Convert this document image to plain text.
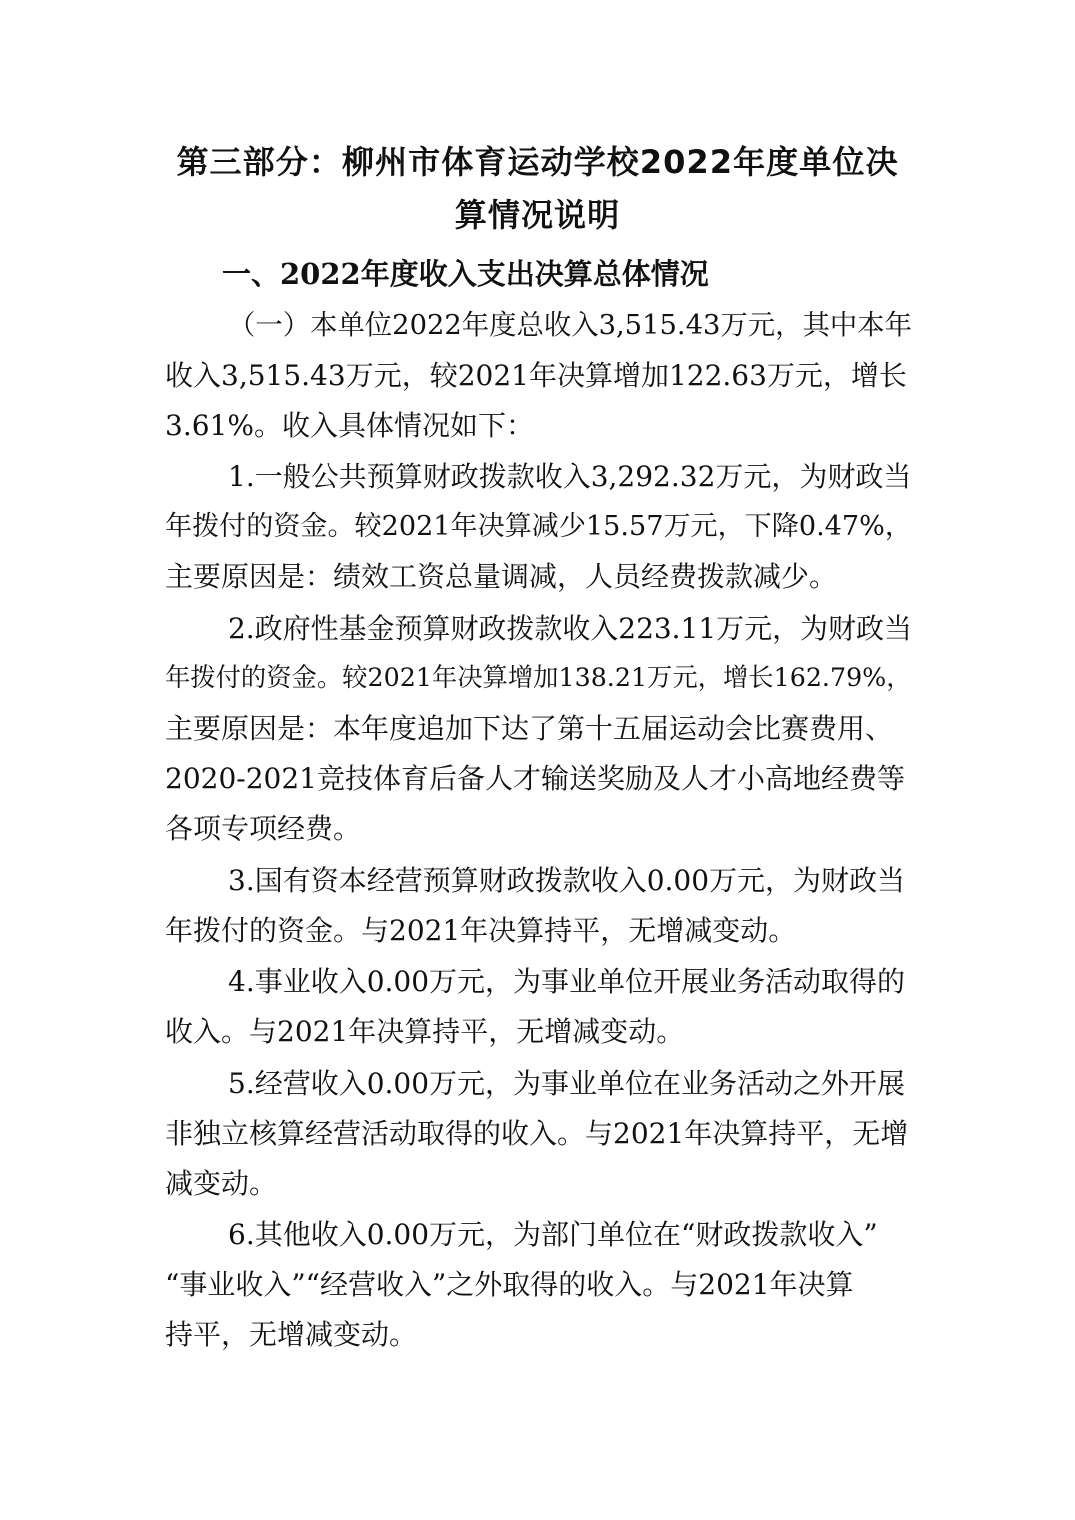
第三部分：柳州市体育运动学校2022年度单位决
算情况说明
一、2022年度收入支出决算总体情况
（一）本单位2022年度总收入3,515.43万元，其中本年
收入3,515.43万元，较2021年决算增加122.63万元，增长
3.61%。收入具体情况如下：
1.一般公共预算财政拨款收入3,292.32万元，为财政当
年拨付的资金。较2021年决算减少15.57万元，下降0.47%，
主要原因是：绩效工资总量调减，人员经费拨款减少。
2.政府性基金预算财政拨款收入223.11万元，为财政当
年拨付的资金。较2021年决算增加138.21万元，增长162.79%，
主要原因是：本年度追加下达了第十五届运动会比赛费用、
2020-2021竞技体育后备人才输送奖励及人才小高地经费等
各项专项经费。
3.国有资本经营预算财政拨款收入0.00万元，为财政当
年拨付的资金。与2021年决算持平，无增减变动。
4.事业收入0.00万元，为事业单位开展业务活动取得的
收入。与2021年决算持平，无增减变动。
5.经营收入0.00万元，为事业单位在业务活动之外开展
非独立核算经营活动取得的收入。与2021年决算持平，无增
减变动。
6.其他收入0.00万元，为部门单位在“财政拨款收入”
“事业收入”“经营收入”之外取得的收入。与2021年决算
持平，无增减变动。
